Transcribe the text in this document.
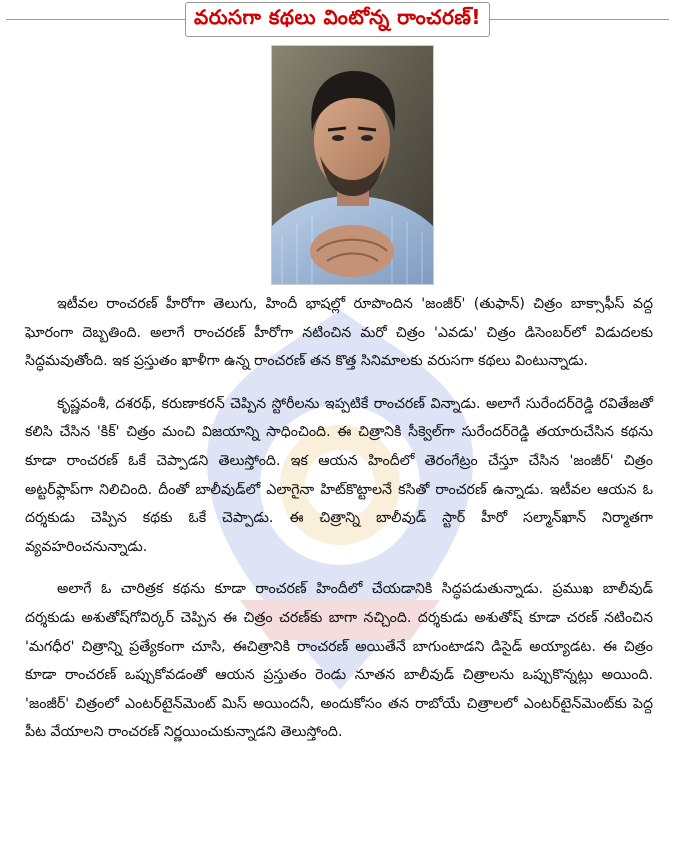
వరుసగా కథలు వింటోన్న రాంచరణ్!

ఇటీవల రాంచరణ్ హీరోగా తెలుగు, హిందీ భాషల్లో రూపొందిన 'జంజీర్' (తుఫాన్) చిత్రం బాక్సాఫీస్ వద్ద ఘోరంగా దెబ్బతింది. అలాగే రాంచరణ్ హీరోగా నటించిన మరో చిత్రం 'ఎవడు' చిత్రం డిసెంబర్‌లో విడుదలకు సిద్ధమవుతోంది. ఇక ప్రస్తుతం ఖాళీగా ఉన్న రాంచరణ్ తన కొత్త సినిమాలకు వరుసగా కథలు వింటున్నాడు.

కృష్ణవంశీ, దశరథ్, కరుణాకరన్ చెప్పిన స్టోరీలను ఇప్పటికే రాంచరణ్ విన్నాడు. అలాగే సురేందర్‌రెడ్డి రవితేజతో కలిసి చేసిన 'కిక్' చిత్రం మంచి విజయాన్ని సాధించింది. ఈ చిత్రానికి సీక్వెల్‌గా సురేందర్‌రెడ్డి తయారుచేసిన కథను కూడా రాంచరణ్ ఓకే చెప్పాడని తెలుస్తోంది. ఇక ఆయన హిందీలో తెరంగేట్రం చేస్తూ చేసిన 'జంజీర్' చిత్రం అట్టర్‌ఫ్లాప్‌గా నిలిచింది. దీంతో బాలీవుడ్‌లో ఎలాగైనా హిట్‌కొట్టాలనే కసితో రాంచరణ్ ఉన్నాడు. ఇటీవల ఆయన ఓ దర్శకుడు చెప్పిన కథకు ఓకే చెప్పాడు. ఈ చిత్రాన్ని బాలీవుడ్ స్టార్ హీరో సల్మాన్‌ఖాన్ నిర్మాతగా వ్యవహరించనున్నాడు.

అలాగే ఓ చారిత్రక కథను కూడా రాంచరణ్ హిందీలో చేయడానికి సిద్ధపడుతున్నాడు. ప్రముఖ బాలీవుడ్ దర్శకుడు అశుతోష్‌గోవిర్కర్ చెప్పిన ఈ చిత్రం చరణ్‌కు బాగా నచ్చింది. దర్శకుడు అశుతోష్ కూడా చరణ్ నటించిన 'మగధీర' చిత్రాన్ని ప్రత్యేకంగా చూసి, ఈచిత్రానికి రాంచరణ్ అయితేనే బాగుంటాడని డిసైడ్ అయ్యాడట. ఈ చిత్రం కూడా రాంచరణ్ ఒప్పుకోవడంతో ఆయన ప్రస్తుతం రెండు నూతన బాలీవుడ్ చిత్రాలను ఒప్పుకొన్నట్లు అయింది. 'జంజీర్' చిత్రంలో ఎంటర్‌టైన్‌మెంట్ మిస్ అయిందనీ, అందుకోసం తన రాబోయే చిత్రాలలో ఎంటర్‌టైన్‌మెంట్‌కు పెద్ద పీట వేయాలని రాంచరణ్ నిర్ణయించుకున్నాడని తెలుస్తోంది.
